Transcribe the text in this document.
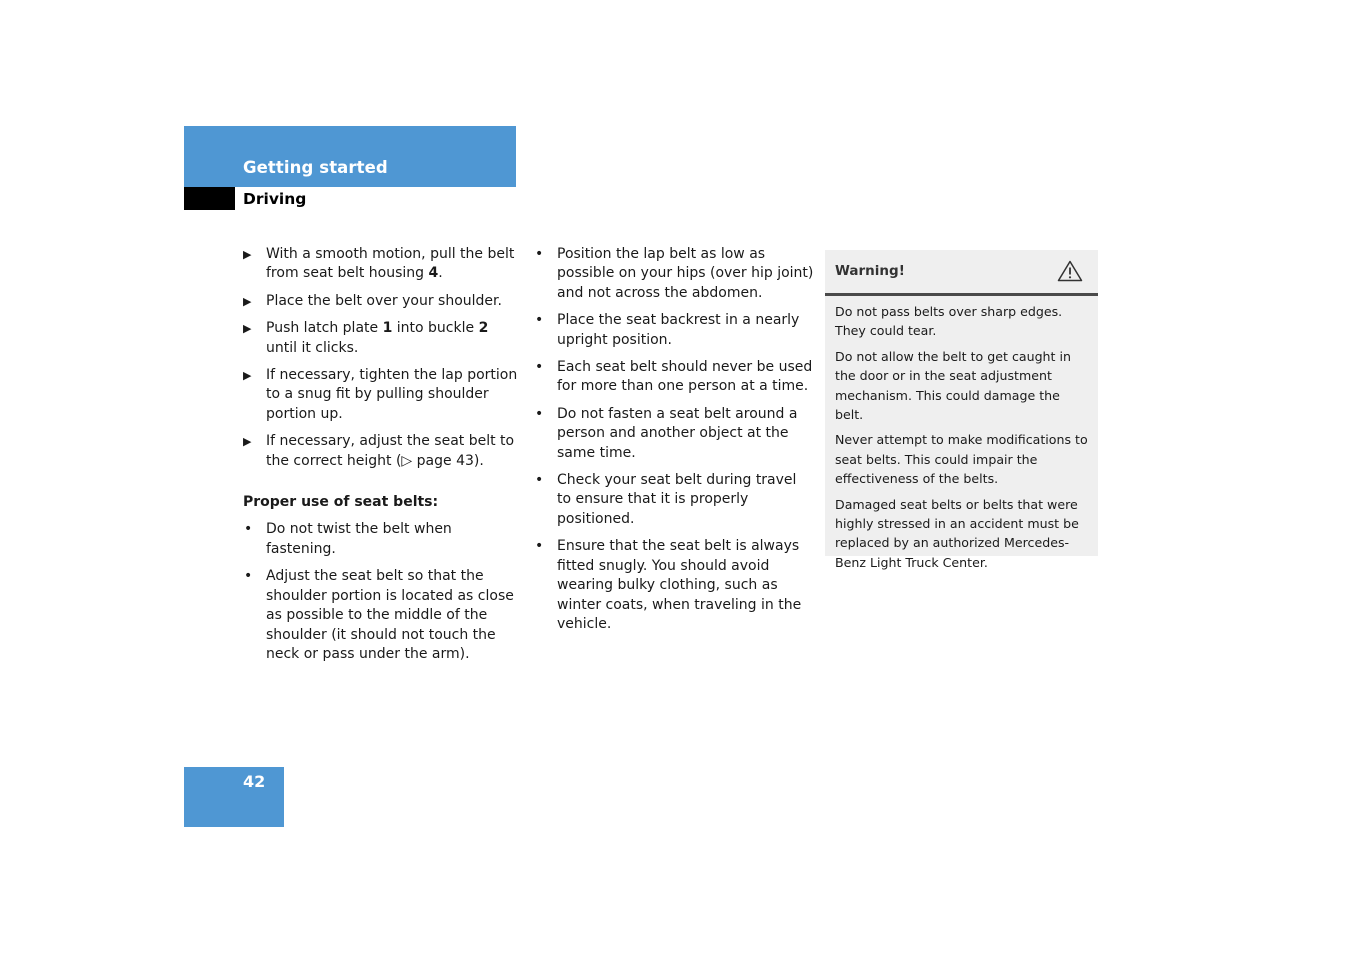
Getting started
Driving
▶	With a smooth motion, pull the belt from seat belt housing 4.
▶	Place the belt over your shoulder.
▶	Push latch plate 1 into buckle 2 until it clicks.
▶	If necessary, tighten the lap portion to a snug fit by pulling shoulder portion up.
▶	If necessary, adjust the seat belt to the correct height (▷ page 43).
Proper use of seat belts:
• Do not twist the belt when fastening.
• Adjust the seat belt so that the shoulder portion is located as close as possible to the middle of the shoulder (it should not touch the neck or pass under the arm).
• Position the lap belt as low as possible on your hips (over hip joint) and not across the abdomen.
• Place the seat backrest in a nearly upright position.
• Each seat belt should never be used for more than one person at a time.
• Do not fasten a seat belt around a person and another object at the same time.
• Check your seat belt during travel to ensure that it is properly positioned.
• Ensure that the seat belt is always fitted snugly. You should avoid wearing bulky clothing, such as winter coats, when traveling in the vehicle.
Warning!

Do not pass belts over sharp edges. They could tear.

Do not allow the belt to get caught in the door or in the seat adjustment mechanism. This could damage the belt.

Never attempt to make modifications to seat belts. This could impair the effectiveness of the belts.

Damaged seat belts or belts that were highly stressed in an accident must be replaced by an authorized Mercedes-Benz Light Truck Center.

42
